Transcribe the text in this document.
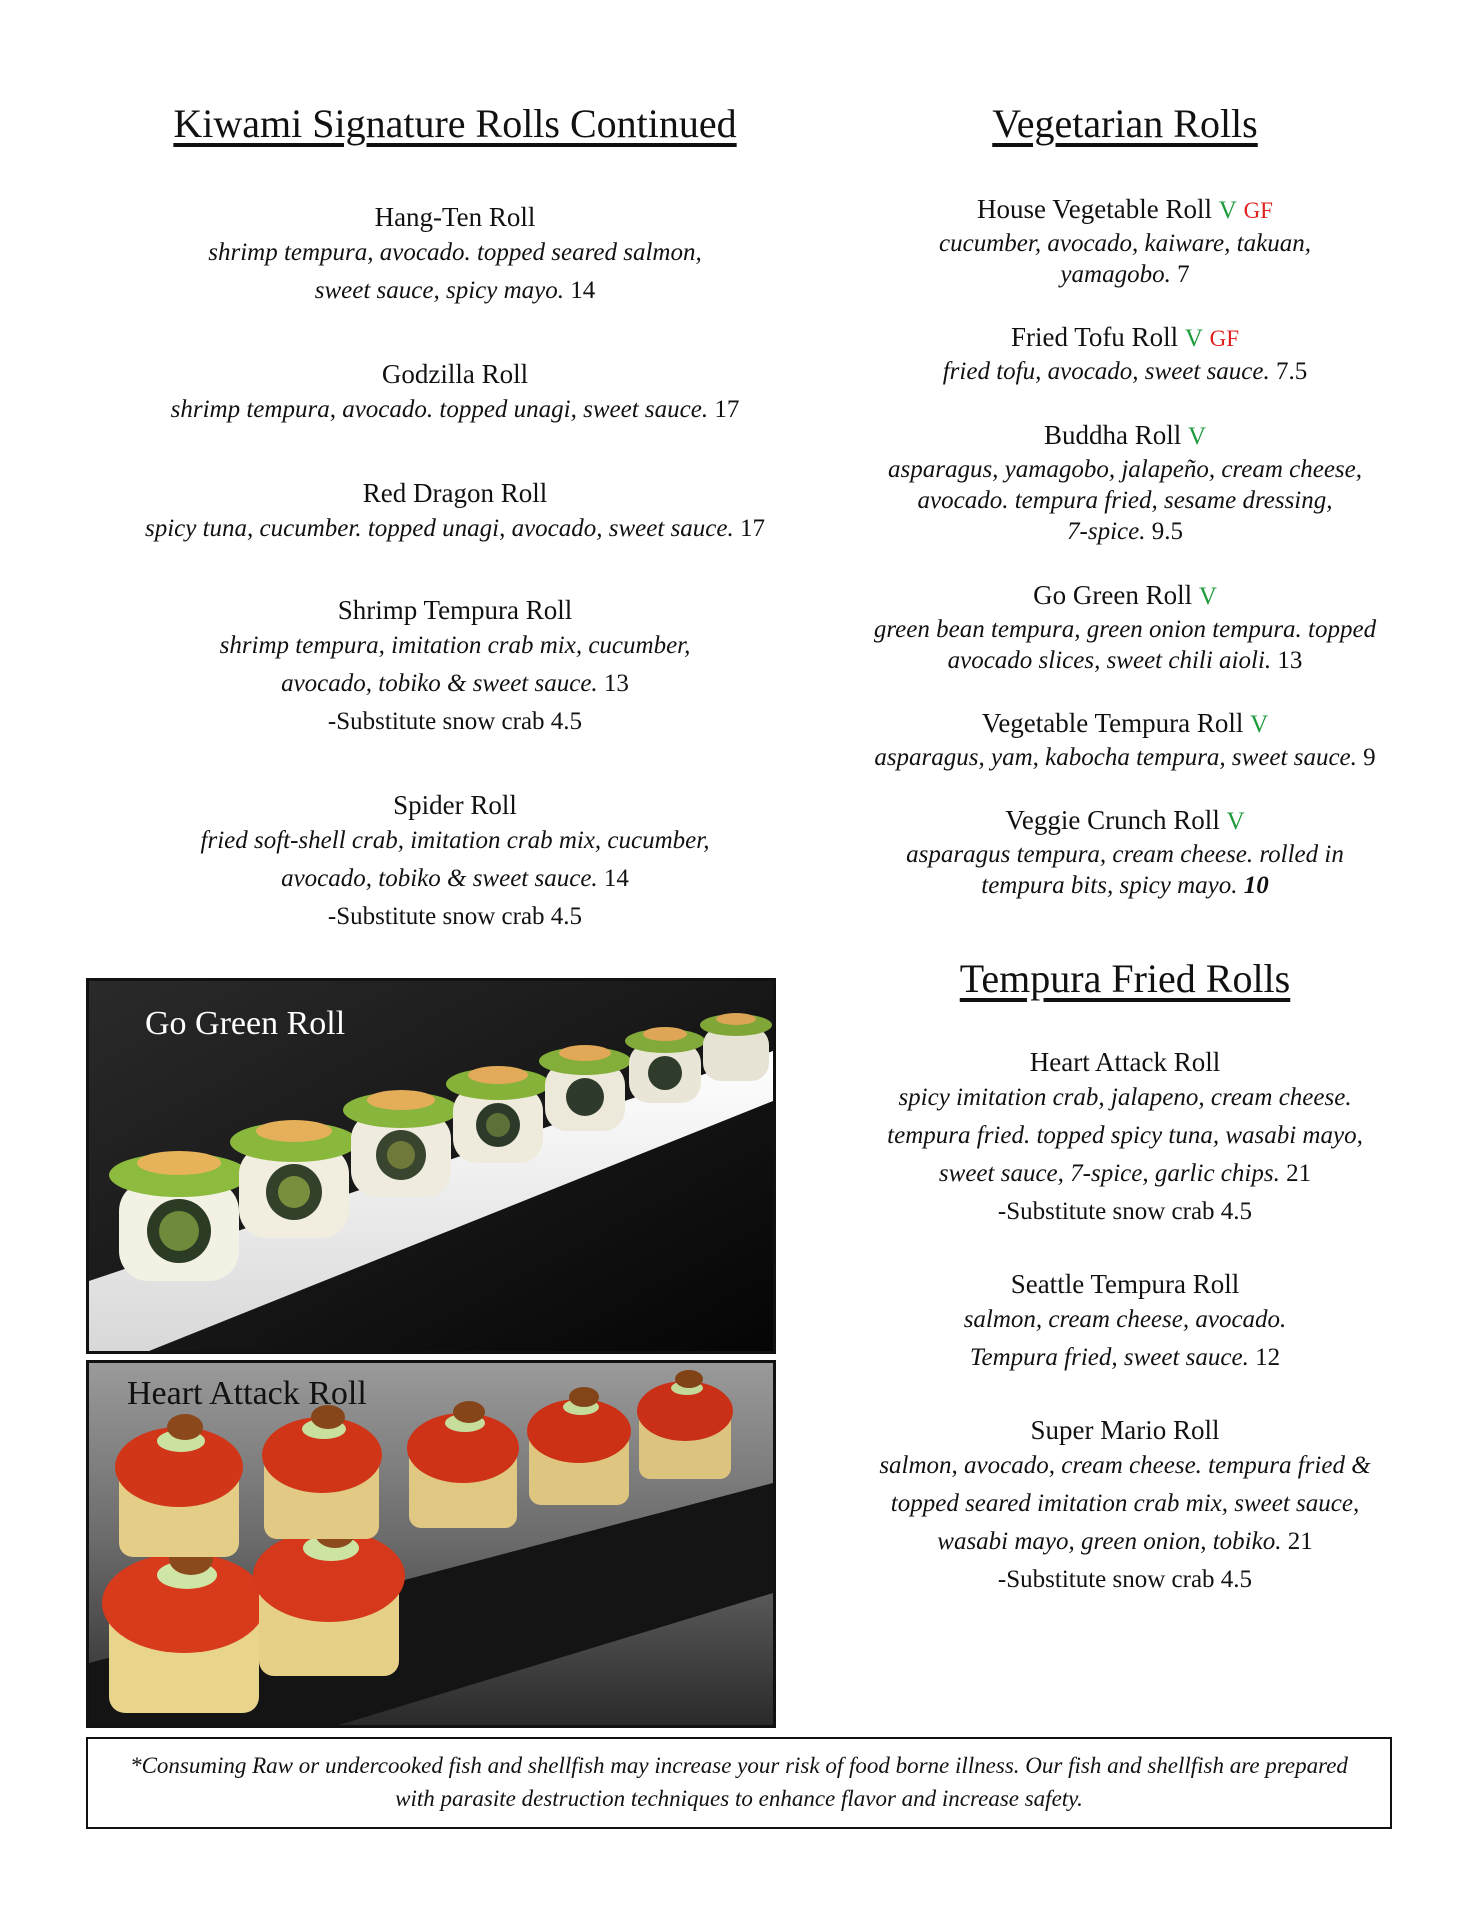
Kiwami Signature Rolls Continued
Hang-Ten Roll
shrimp tempura, avocado. topped seared salmon,
sweet sauce, spicy mayo. 14
Godzilla Roll
shrimp tempura, avocado. topped unagi, sweet sauce. 17
Red Dragon Roll
spicy tuna, cucumber. topped unagi, avocado, sweet sauce. 17
Shrimp Tempura Roll
shrimp tempura, imitation crab mix, cucumber,
avocado, tobiko & sweet sauce. 13
-Substitute snow crab 4.5
Spider Roll
fried soft-shell crab, imitation crab mix, cucumber,
avocado, tobiko & sweet sauce. 14
-Substitute snow crab 4.5
Go Green Roll
Heart Attack Roll
Vegetarian Rolls
House Vegetable Roll V GF
cucumber, avocado, kaiware, takuan,
yamagobo. 7
Fried Tofu Roll V GF
fried tofu, avocado, sweet sauce. 7.5
Buddha Roll V
asparagus, yamagobo, jalapeño, cream cheese,
avocado. tempura fried, sesame dressing,
7-spice. 9.5
Go Green Roll V
green bean tempura, green onion tempura. topped
avocado slices, sweet chili aioli. 13
Vegetable Tempura Roll V
asparagus, yam, kabocha tempura, sweet sauce. 9
Veggie Crunch Roll V
asparagus tempura, cream cheese. rolled in
tempura bits, spicy mayo. 10
Tempura Fried Rolls
Heart Attack Roll
spicy imitation crab, jalapeno, cream cheese.
tempura fried. topped spicy tuna, wasabi mayo,
sweet sauce, 7-spice, garlic chips. 21
-Substitute snow crab 4.5
Seattle Tempura Roll
salmon, cream cheese, avocado.
Tempura fried, sweet sauce. 12
Super Mario Roll
salmon, avocado, cream cheese. tempura fried &
topped seared imitation crab mix, sweet sauce,
wasabi mayo, green onion, tobiko. 21
-Substitute snow crab 4.5
*Consuming Raw or undercooked fish and shellfish may increase your risk of food borne illness. Our fish and shellfish are prepared
with parasite destruction techniques to enhance flavor and increase safety.
